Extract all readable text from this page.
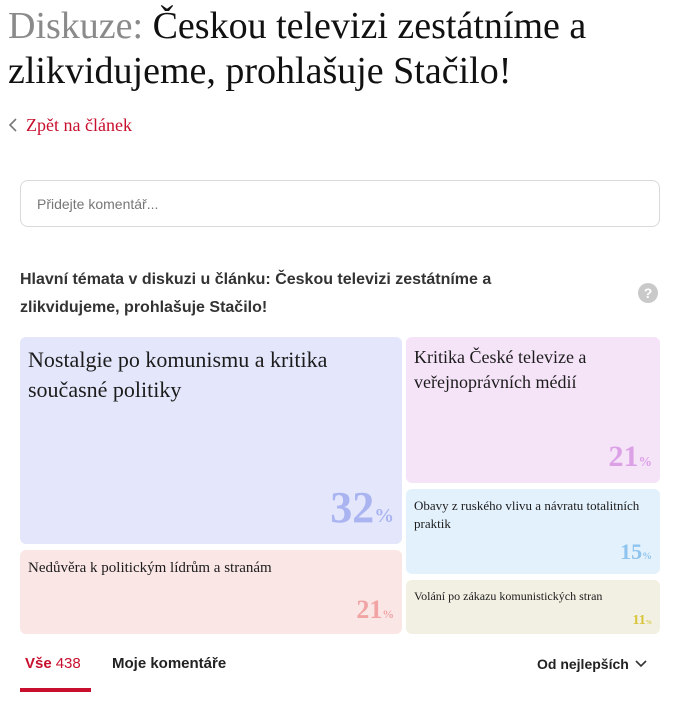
Diskuze: Českou televizi zestátníme a zlikvidujeme, prohlašuje Stačilo!
Zpět na článek
Přidejte komentář...
Hlavní témata v diskuzi u článku: Českou televizi zestátníme a zlikvidujeme, prohlašuje Stačilo!
?
Nostalgie po komunismu a kritika současné politiky
32%
Nedůvěra k politickým lídrům a stranám
21%
Kritika České televize a veřejnoprávních médií
21%
Obavy z ruského vlivu a návratu totalitních praktik
15%
Volání po zákazu komunistických stran
11%
Vše 438 Moje komentáře	Od nejlepších
